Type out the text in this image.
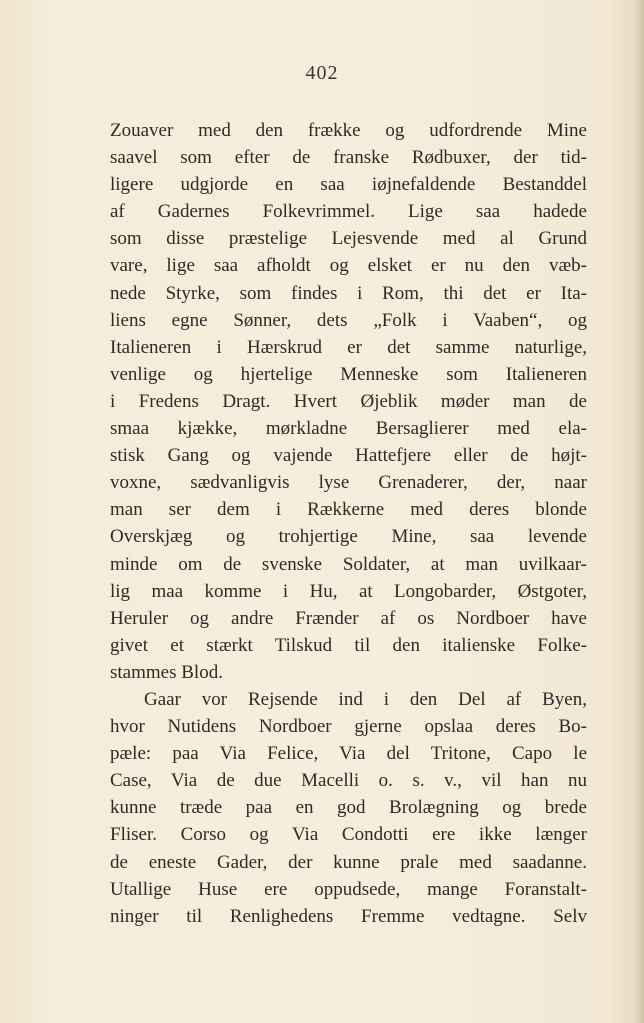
402
Zouaver med den frække og udfordrende Mine
saavel som efter de franske Rødbuxer, der tid-
ligere udgjorde en saa iøjnefaldende Bestanddel
af Gadernes Folkevrimmel. Lige saa hadede
som disse præstelige Lejesvende med al Grund
vare, lige saa afholdt og elsket er nu den væb-
nede Styrke, som findes i Rom, thi det er Ita-
liens egne Sønner, dets „Folk i Vaaben“, og
Italieneren i Hærskrud er det samme naturlige,
venlige og hjertelige Menneske som Italieneren
i Fredens Dragt. Hvert Øjeblik møder man de
smaa kjække, mørkladne Bersaglierer med ela-
stisk Gang og vajende Hattefjere eller de højt-
voxne, sædvanligvis lyse Grenaderer, der, naar
man ser dem i Rækkerne med deres blonde
Overskjæg og trohjertige Mine, saa levende
minde om de svenske Soldater, at man uvilkaar-
lig maa komme i Hu, at Longobarder, Østgoter,
Heruler og andre Frænder af os Nordboer have
givet et stærkt Tilskud til den italienske Folke-
stammes Blod.
Gaar vor Rejsende ind i den Del af Byen,
hvor Nutidens Nordboer gjerne opslaa deres Bo-
pæle: paa Via Felice, Via del Tritone, Capo le
Case, Via de due Macelli o. s. v., vil han nu
kunne træde paa en god Brolægning og brede
Fliser. Corso og Via Condotti ere ikke længer
de eneste Gader, der kunne prale med saadanne.
Utallige Huse ere oppudsede, mange Foranstalt-
ninger til Renlighedens Fremme vedtagne. Selv
